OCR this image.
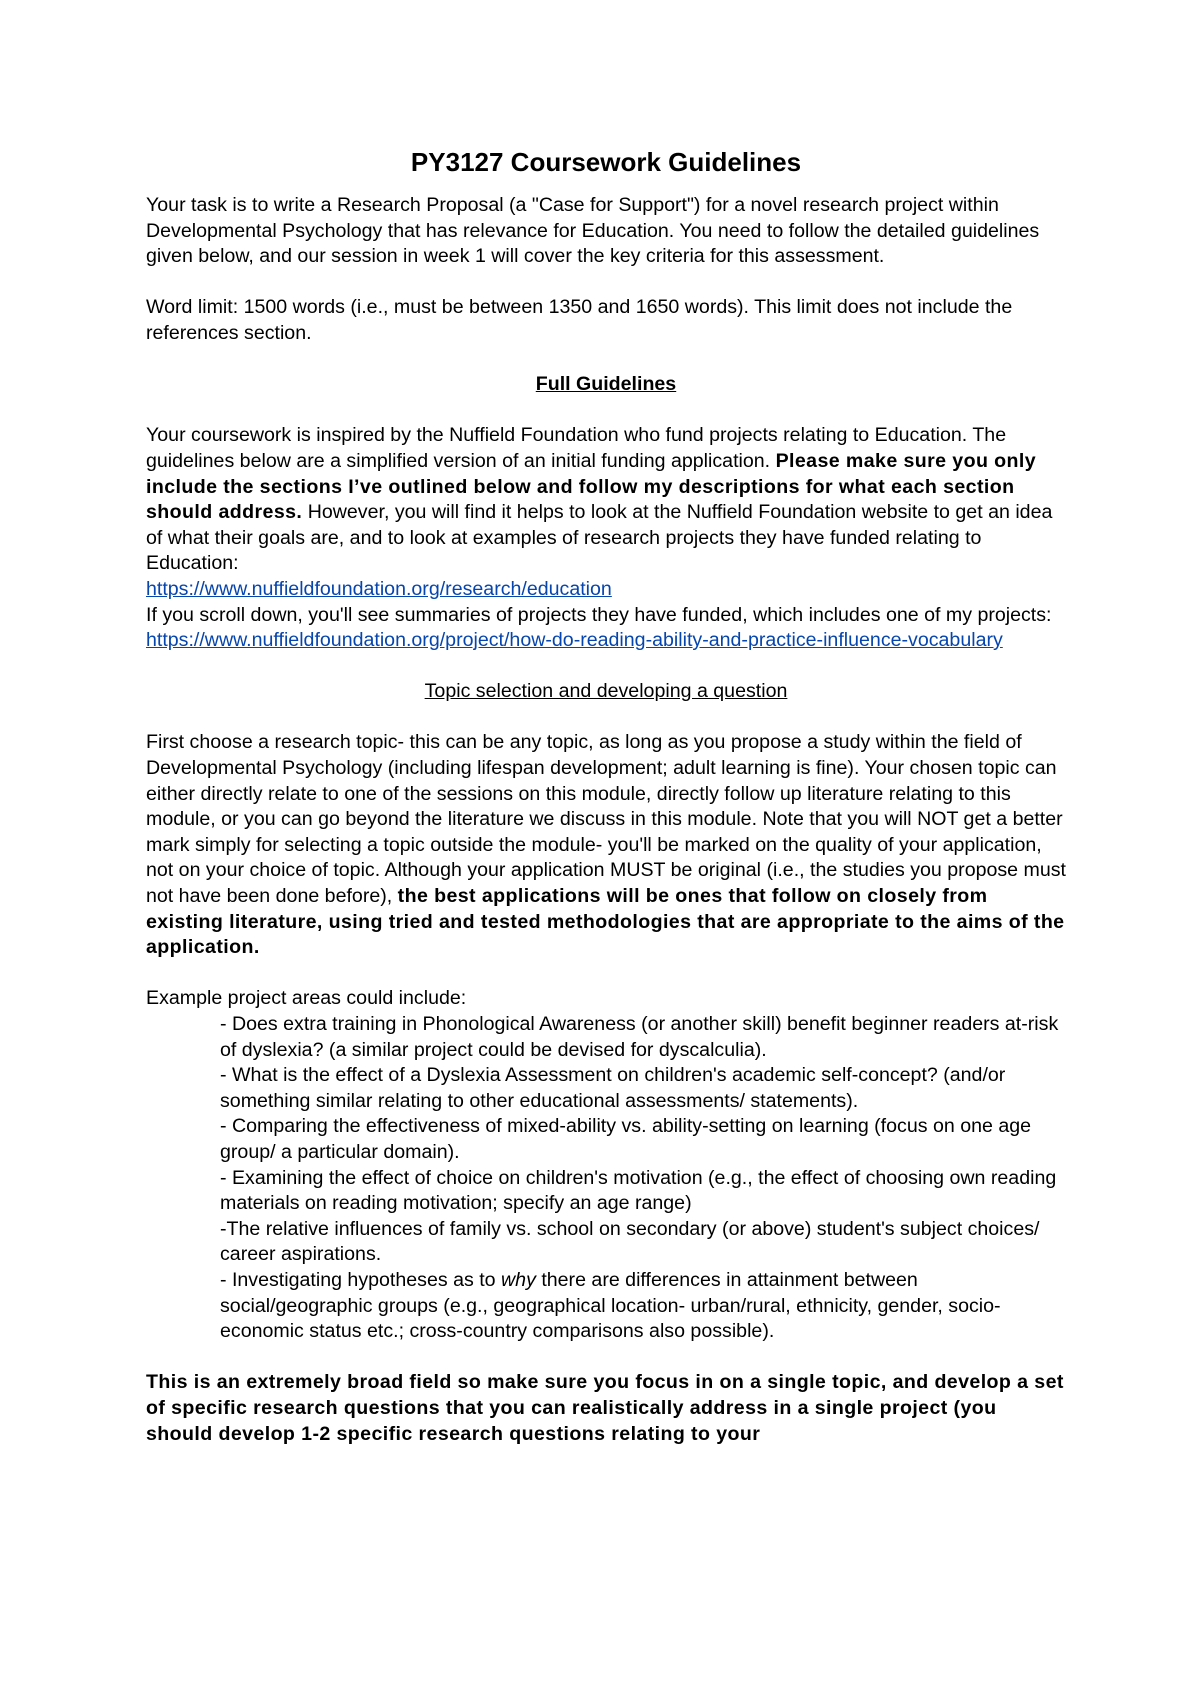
PY3127 Coursework Guidelines

Your task is to write a Research Proposal (a "Case for Support") for a novel research project within Developmental Psychology that has relevance for Education. You need to follow the detailed guidelines given below, and our session in week 1 will cover the key criteria for this assessment.

Word limit: 1500 words (i.e., must be between 1350 and 1650 words). This limit does not include the references section.

Full Guidelines

Your coursework is inspired by the Nuffield Foundation who fund projects relating to Education. The guidelines below are a simplified version of an initial funding application. Please make sure you only include the sections I’ve outlined below and follow my descriptions for what each section should address. However, you will find it helps to look at the Nuffield Foundation website to get an idea of what their goals are, and to look at examples of research projects they have funded relating to Education:
https://www.nuffieldfoundation.org/research/education

If you scroll down, you'll see summaries of projects they have funded, which includes one of my projects: https://www.nuffieldfoundation.org/project/how-do-reading-ability-and-practice-influence-vocabulary

Topic selection and developing a question

First choose a research topic- this can be any topic, as long as you propose a study within the field of Developmental Psychology (including lifespan development; adult learning is fine). Your chosen topic can either directly relate to one of the sessions on this module, directly follow up literature relating to this module, or you can go beyond the literature we discuss in this module. Note that you will NOT get a better mark simply for selecting a topic outside the module- you'll be marked on the quality of your application, not on your choice of topic. Although your application MUST be original (i.e., the studies you propose must not have been done before), the best applications will be ones that follow on closely from existing literature, using tried and tested methodologies that are appropriate to the aims of the application.

Example project areas could include:

- Does extra training in Phonological Awareness (or another skill) benefit beginner readers at-risk of dyslexia? (a similar project could be devised for dyscalculia).
- What is the effect of a Dyslexia Assessment on children's academic self-concept? (and/or something similar relating to other educational assessments/ statements).
- Comparing the effectiveness of mixed-ability vs. ability-setting on learning (focus on one age group/ a particular domain).
- Examining the effect of choice on children's motivation (e.g., the effect of choosing own reading materials on reading motivation; specify an age range)
-The relative influences of family vs. school on secondary (or above) student's subject choices/ career aspirations.
- Investigating hypotheses as to why there are differences in attainment between social/geographic groups (e.g., geographical location- urban/rural, ethnicity, gender, socio-economic status etc.; cross-country comparisons also possible).

This is an extremely broad field so make sure you focus in on a single topic, and develop a set of specific research questions that you can realistically address in a single project (you should develop 1-2 specific research questions relating to your
